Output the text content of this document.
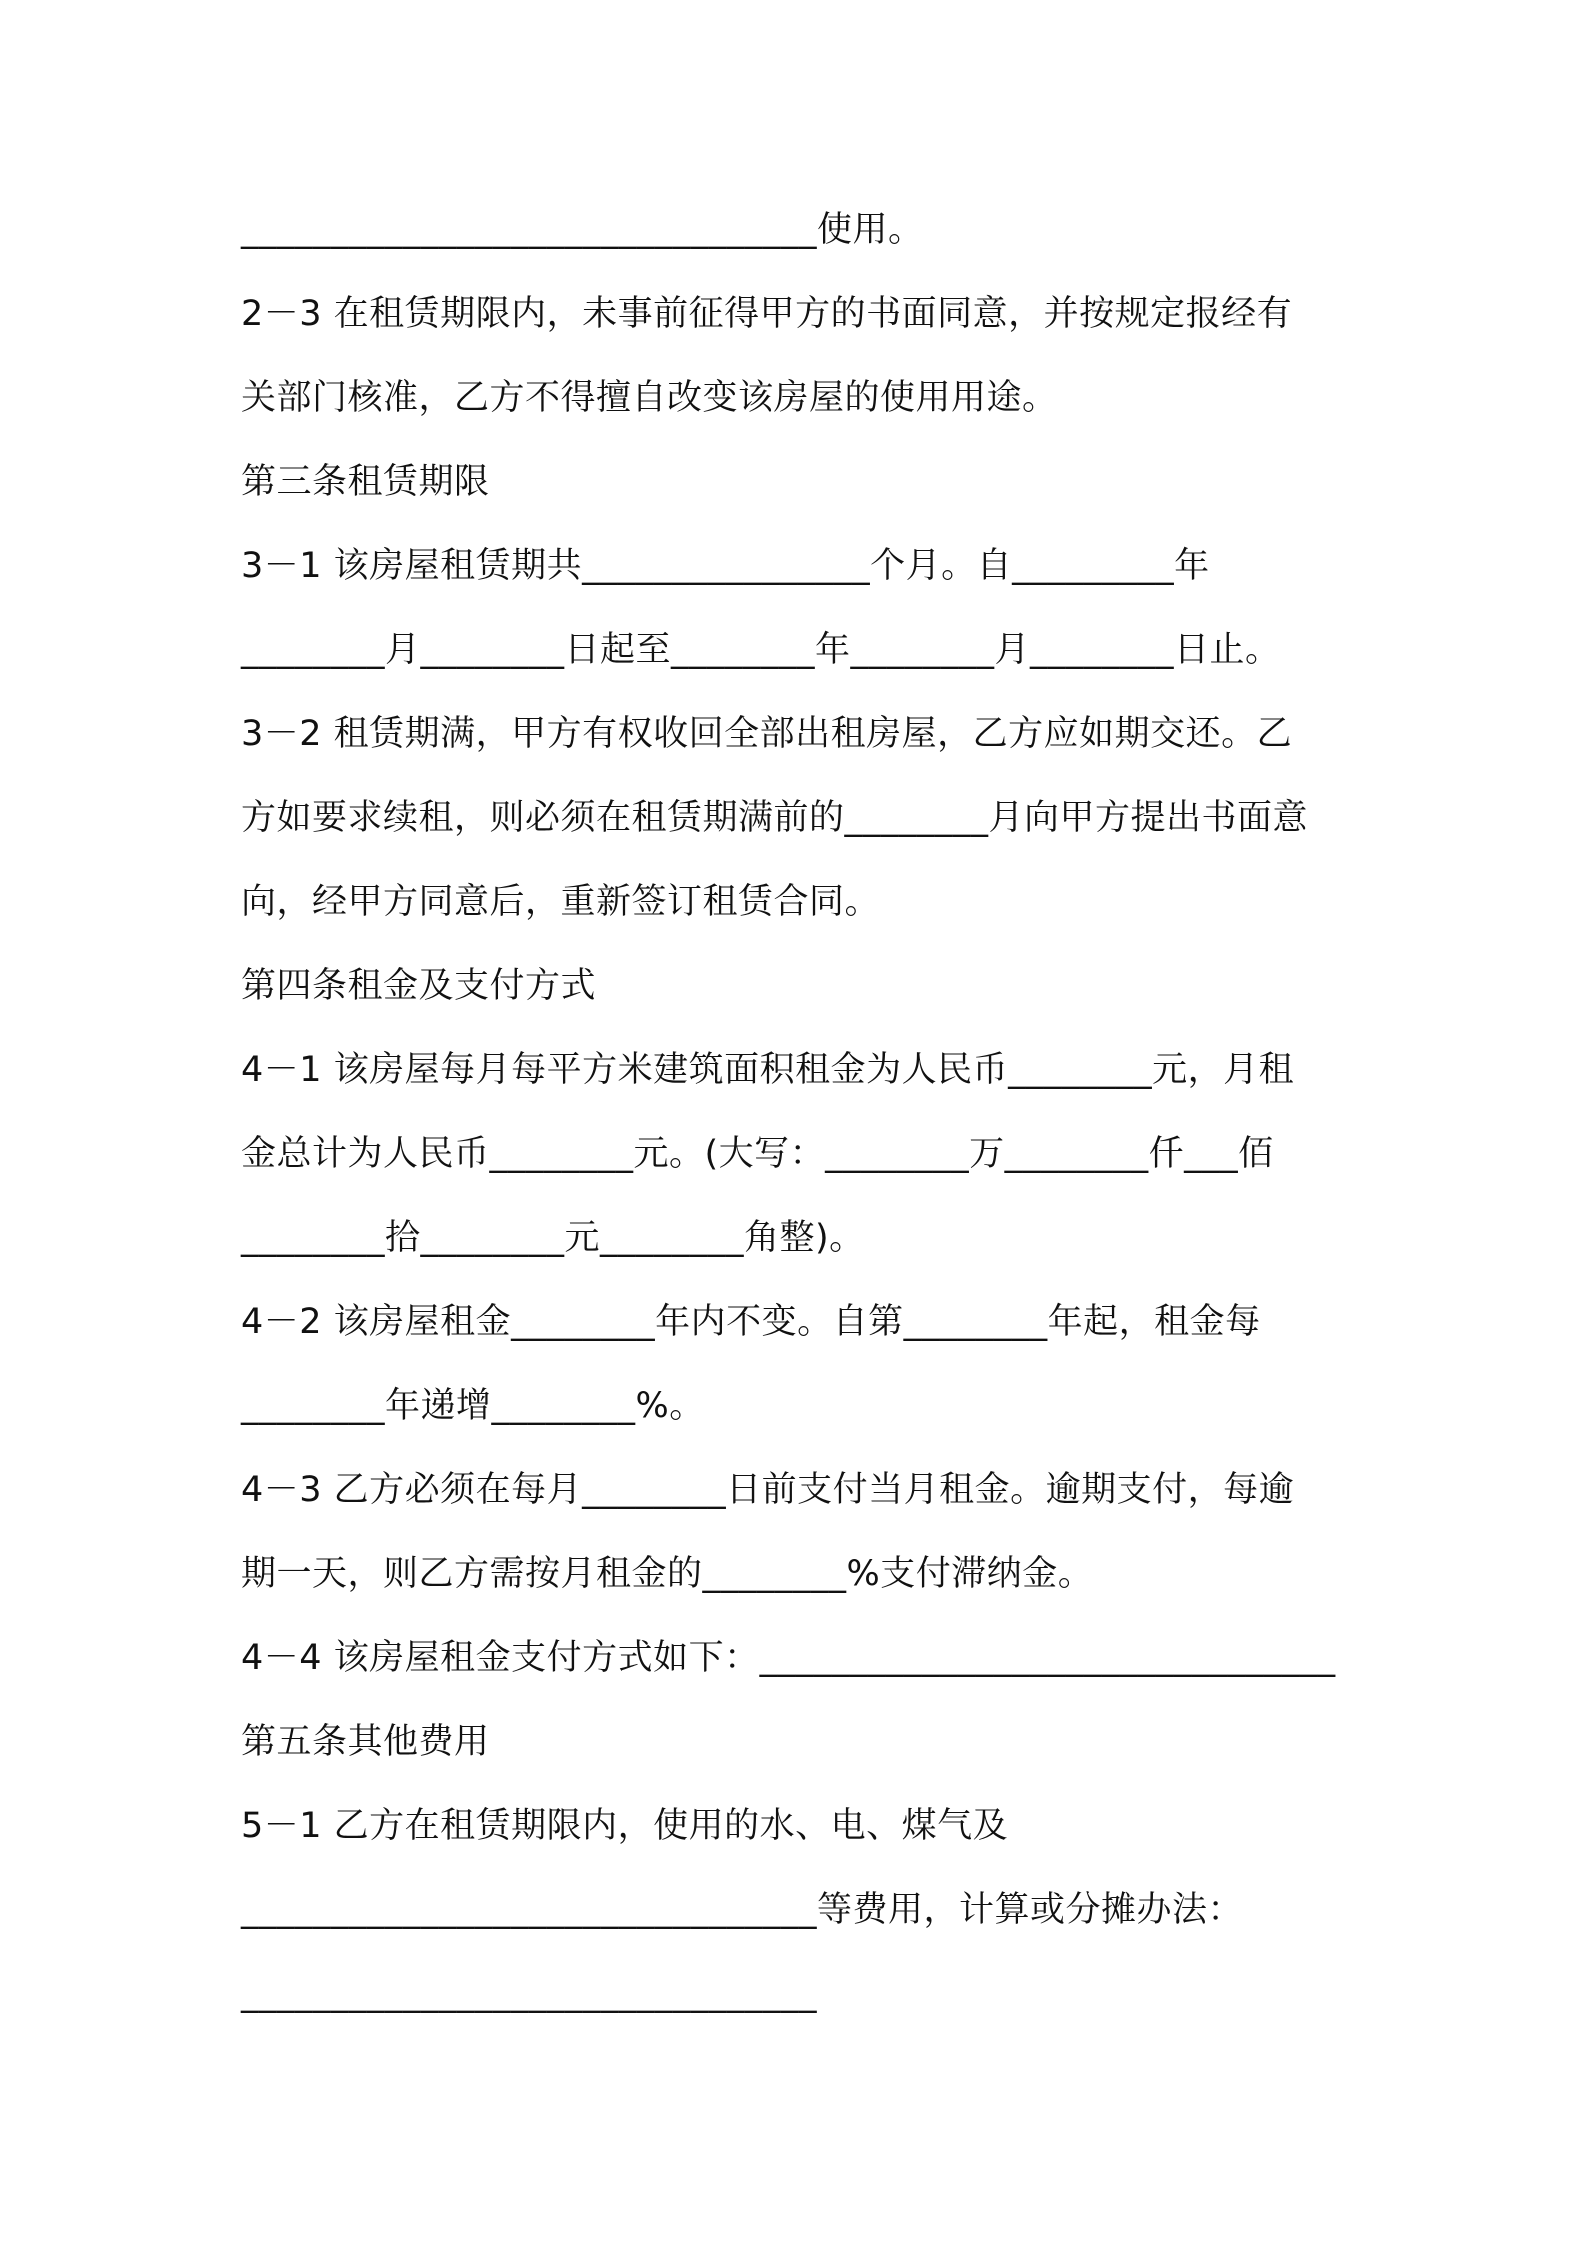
________________________________使用。
2－3 在租赁期限内，未事前征得甲方的书面同意，并按规定报经有
关部门核准，乙方不得擅自改变该房屋的使用用途。
第三条租赁期限
3－1 该房屋租赁期共________________个月。自_________年
________月________日起至________年________月________日止。
3－2 租赁期满，甲方有权收回全部出租房屋，乙方应如期交还。乙
方如要求续租，则必须在租赁期满前的________月向甲方提出书面意
向，经甲方同意后，重新签订租赁合同。
第四条租金及支付方式
4－1 该房屋每月每平方米建筑面积租金为人民币________元，月租
金总计为人民币________元。(大写：________万________仟___佰
________拾________元________角整)。
4－2 该房屋租金________年内不变。自第________年起，租金每
________年递增________%。
4－3 乙方必须在每月________日前支付当月租金。逾期支付，每逾
期一天，则乙方需按月租金的________%支付滞纳金。
4－4 该房屋租金支付方式如下：________________________________
第五条其他费用
5－1 乙方在租赁期限内，使用的水、电、煤气及
________________________________等费用，计算或分摊办法：
________________________________
